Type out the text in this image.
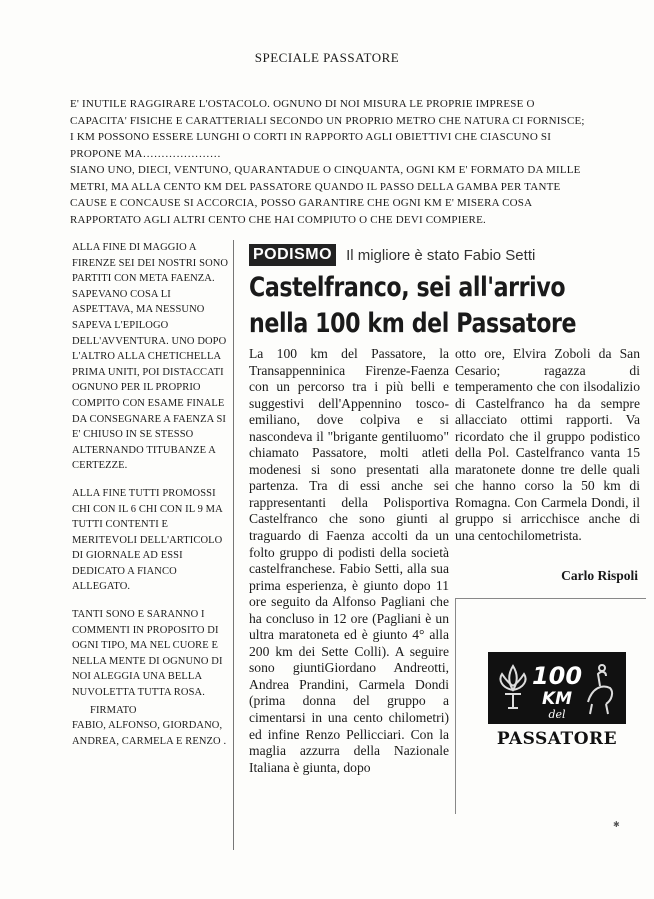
SPECIALE PASSATORE

E' INUTILE RAGGIRARE L'OSTACOLO. OGNUNO DI NOI MISURA LE PROPRIE IMPRESE O CAPACITA' FISICHE E CARATTERIALI SECONDO UN PROPRIO METRO CHE NATURA CI FORNISCE; I KM POSSONO ESSERE LUNGHI O CORTI IN RAPPORTO AGLI OBIETTIVI CHE CIASCUNO SI PROPONE MA…………………

SIANO UNO, DIECI, VENTUNO, QUARANTADUE O CINQUANTA, OGNI KM E' FORMATO DA MILLE METRI, MA ALLA CENTO KM DEL PASSATORE QUANDO IL PASSO DELLA GAMBA PER TANTE CAUSE E CONCAUSE SI ACCORCIA, POSSO GARANTIRE CHE OGNI KM E' MISERA COSA RAPPORTATO AGLI ALTRI CENTO CHE HAI COMPIUTO O CHE DEVI COMPIERE.

ALLA FINE DI MAGGIO A FIRENZE SEI DEI NOSTRI SONO PARTITI CON META FAENZA. SAPEVANO COSA LI ASPETTAVA, MA NESSUNO SAPEVA L'EPILOGO DELL'AVVENTURA. UNO DOPO L'ALTRO ALLA CHETICHELLA PRIMA UNITI, POI DISTACCATI OGNUNO PER IL PROPRIO COMPITO CON ESAME FINALE DA CONSEGNARE A FAENZA SI E' CHIUSO IN SE STESSO ALTERNANDO TITUBANZE A CERTEZZE.

ALLA FINE TUTTI PROMOSSI CHI CON IL 6 CHI CON IL 9 MA TUTTI CONTENTI E MERITEVOLI DELL'ARTICOLO DI GIORNALE AD ESSI DEDICATO A FIANCO ALLEGATO.

TANTI SONO E SARANNO I COMMENTI IN PROPOSITO DI OGNI TIPO, MA NEL CUORE E NELLA MENTE DI OGNUNO DI NOI ALEGGIA UNA BELLA NUVOLETTA TUTTA ROSA.

FIRMATO

FABIO, ALFONSO, GIORDANO, ANDREA, CARMELA E RENZO .

PODISMO Il migliore è stato Fabio Setti
Castelfranco, sei all'arrivo
nella 100 km del Passatore
La 100 km del Passatore, la Transappenninica Firenze-Faenza con un percorso tra i più belli e suggestivi dell'Appennino tosco-emiliano, dove colpiva e si nascondeva il "brigante gentiluomo" chiamato Passatore, molti atleti modenesi si sono presentati alla partenza. Tra di essi anche sei rappresentanti della Polisportiva Castelfranco che sono giunti al traguardo di Faenza accolti da un folto gruppo di podisti della società castelfranchese. Fabio Setti, alla sua prima esperienza, è giunto dopo 11 ore seguito da Alfonso Pagliani che ha concluso in 12 ore (Pagliani è un ultra maratoneta ed è giunto 4° alla 200 km dei Sette Colli). A seguire sono giuntiGiordano Andreotti, Andrea Prandini, Carmela Dondi (prima donna del gruppo a cimentarsi in una cento chilometri) ed infine Renzo Pellicciari. Con la maglia azzurra della Nazionale Italiana è giunta, dopo
otto ore, Elvira Zoboli da San Cesario; ragazza di temperamento che con ilsodalizio di Castelfranco ha da sempre allacciato ottimi rapporti. Va ricordato che il gruppo podistico della Pol. Castelfranco vanta 15 maratonete donne tre delle quali che hanno corso la 50 km di Romagna. Con Carmela Dondi, il gruppo si arricchisce anche di una centochilometrista.
Carlo Rispoli
100
KM
del
PASSATORE
✱
